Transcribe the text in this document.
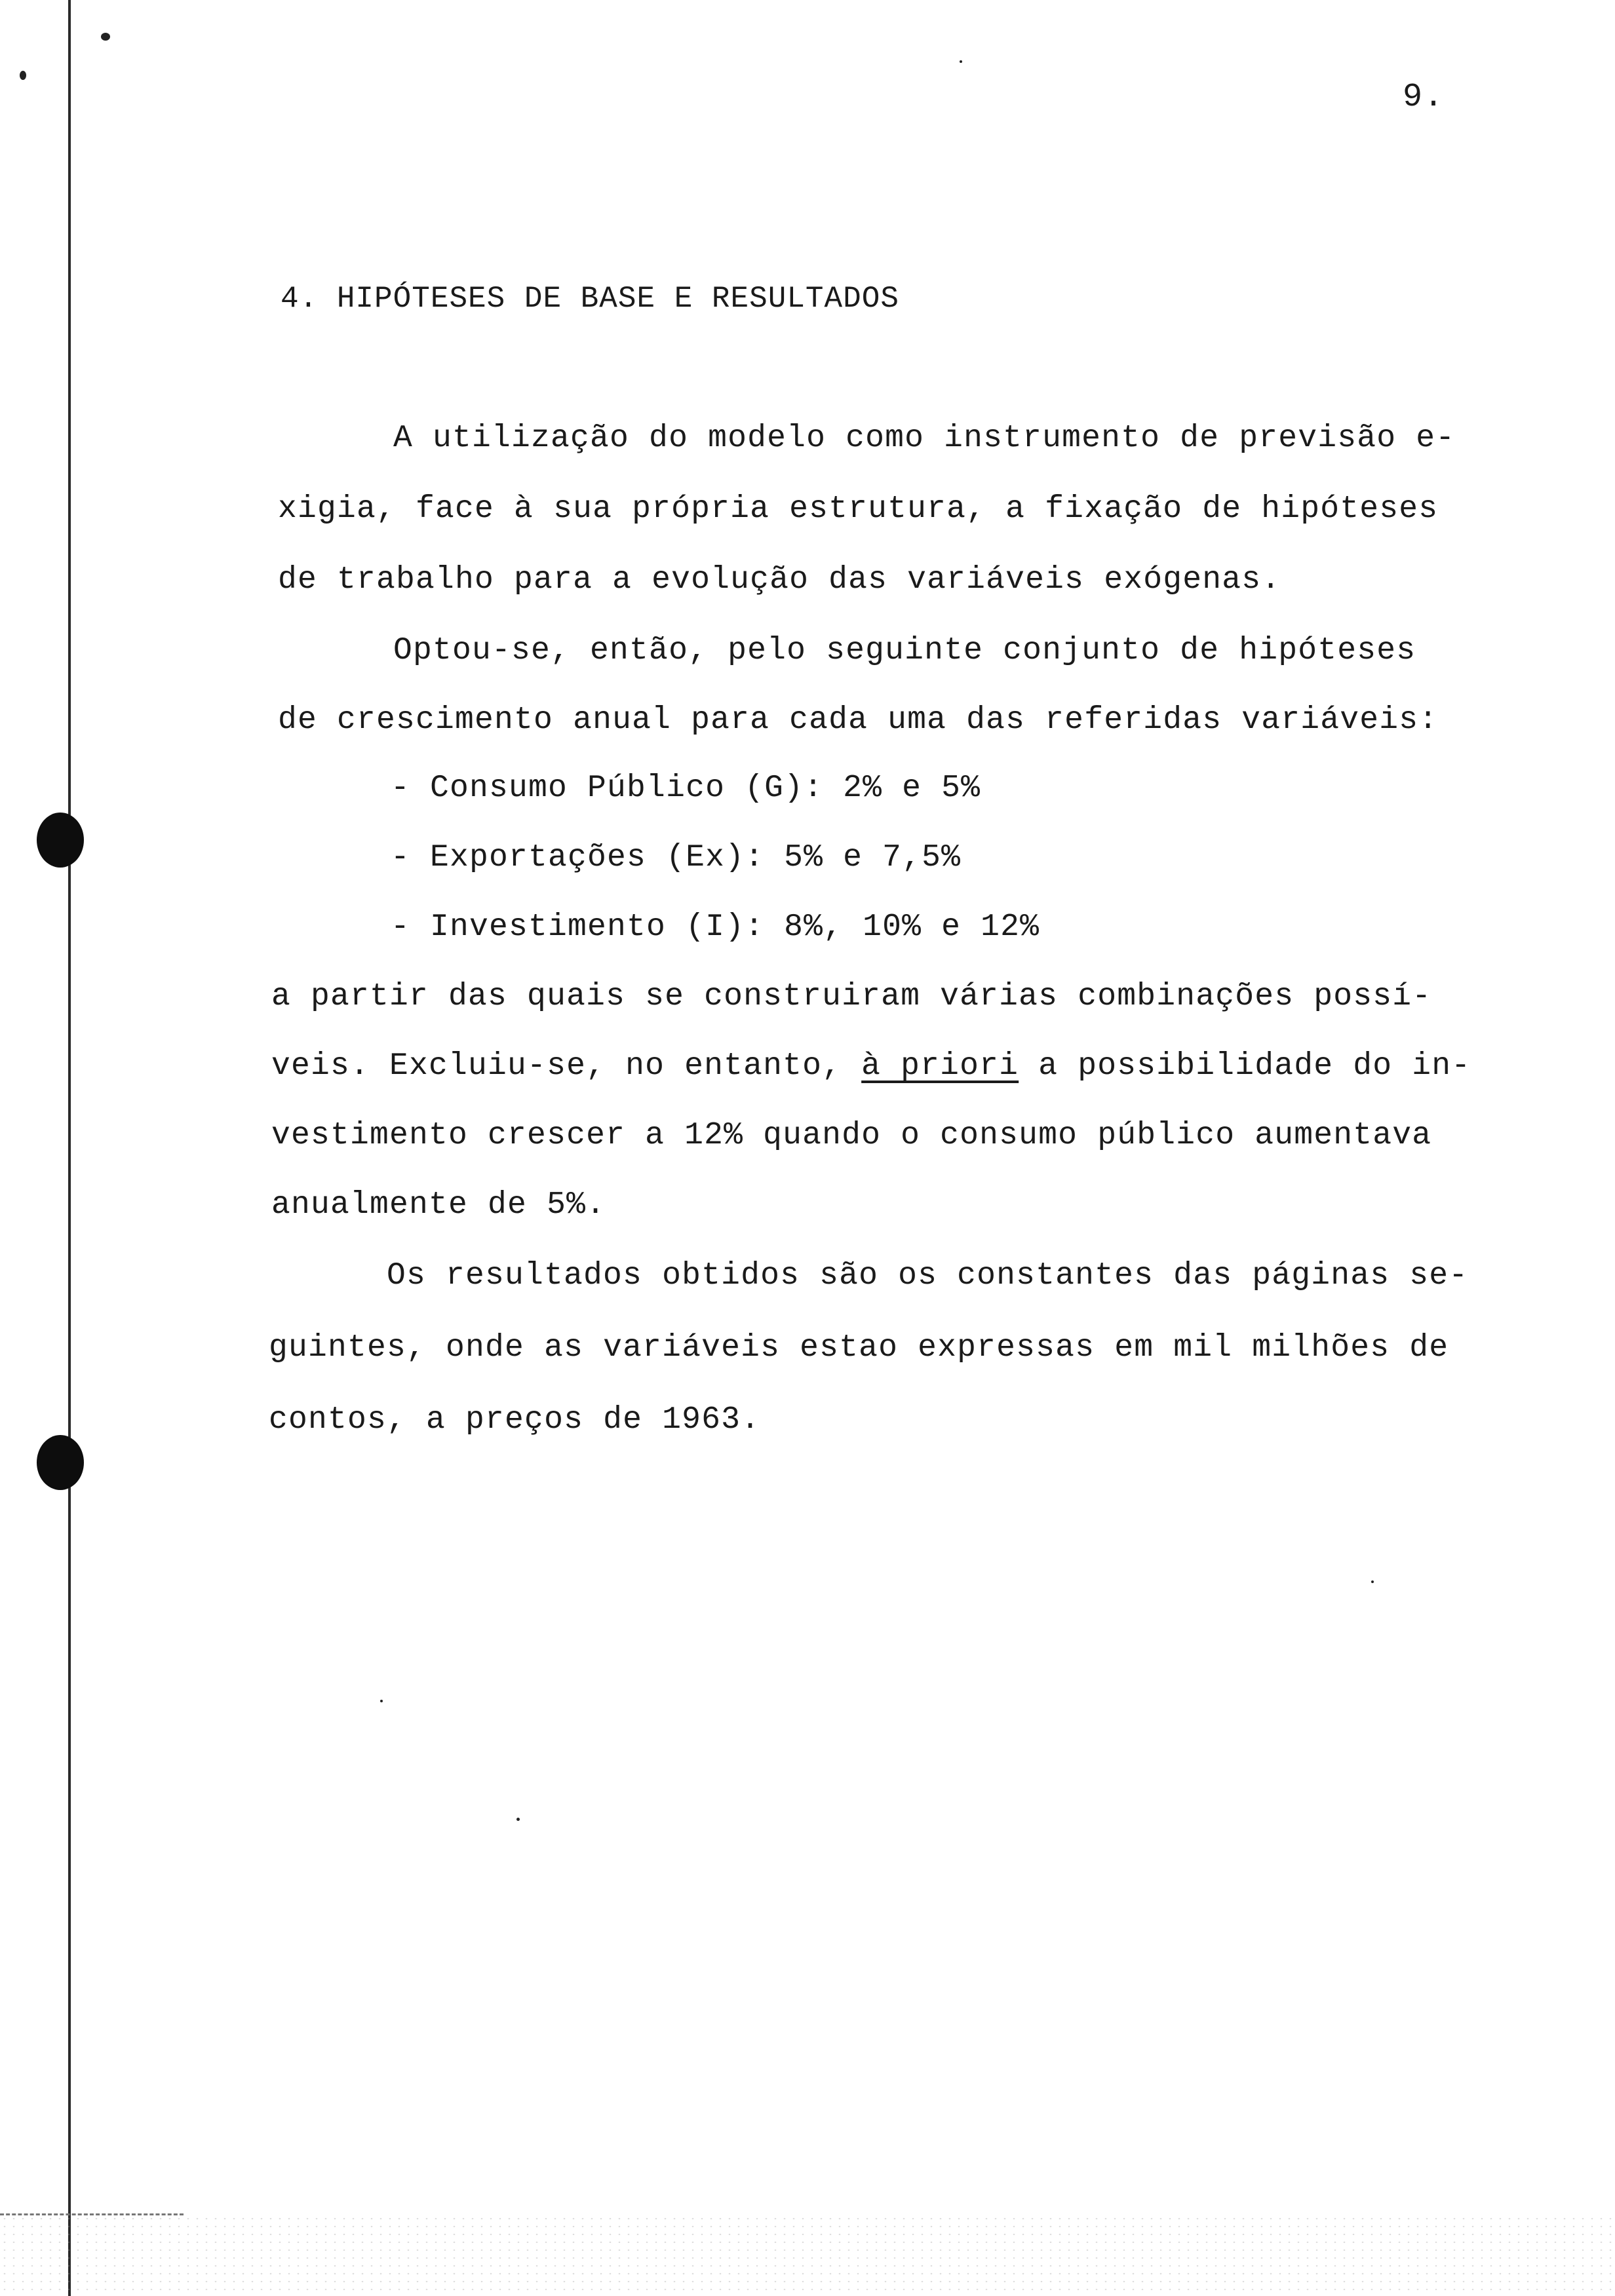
9.
4. HIPÓTESES DE BASE E RESULTADOS
A utilização do modelo como instrumento de previsão e-
xigia, face à sua própria estrutura, a fixação de hipóteses
de trabalho para a evolução das variáveis exógenas.
Optou-se, então, pelo seguinte conjunto de hipóteses
de crescimento anual para cada uma das referidas variáveis:
- Consumo Público (G): 2% e 5%
- Exportações (Ex): 5% e 7,5%
- Investimento (I): 8%, 10% e 12%
a partir das quais se construiram várias combinações possí-
veis. Excluiu-se, no entanto, à priori a possibilidade do in-
vestimento crescer a 12% quando o consumo público aumentava
anualmente de 5%.
Os resultados obtidos são os constantes das páginas se-
guintes, onde as variáveis estao expressas em mil milhões de
contos, a preços de 1963.
